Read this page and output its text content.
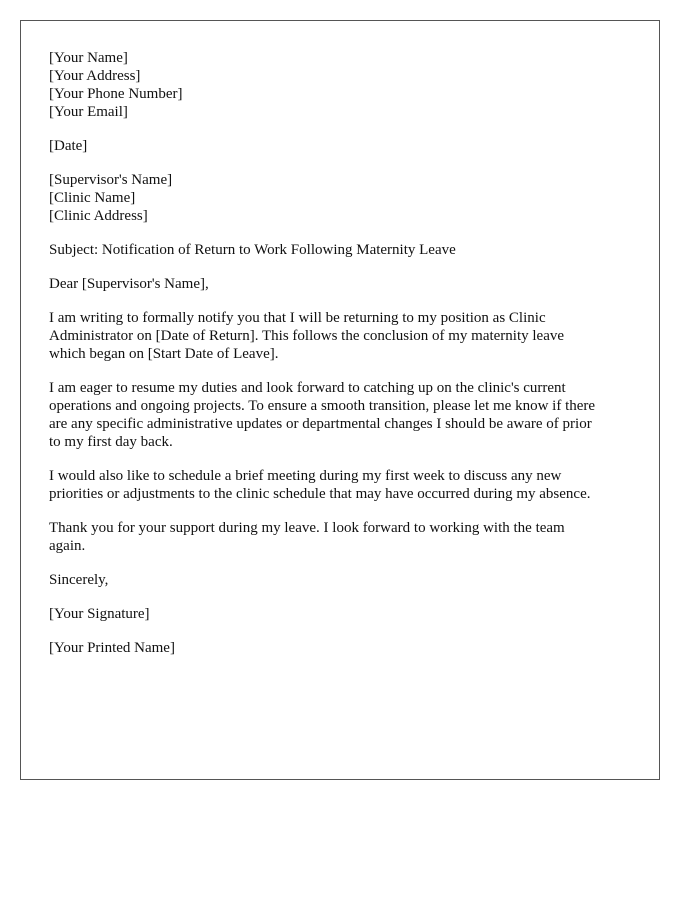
[Your Name]
[Your Address]
[Your Phone Number]
[Your Email]
[Date]
[Supervisor's Name]
[Clinic Name]
[Clinic Address]
Subject: Notification of Return to Work Following Maternity Leave
Dear [Supervisor's Name],
I am writing to formally notify you that I will be returning to my position as Clinic
Administrator on [Date of Return]. This follows the conclusion of my maternity leave
which began on [Start Date of Leave].
I am eager to resume my duties and look forward to catching up on the clinic's current
operations and ongoing projects. To ensure a smooth transition, please let me know if there
are any specific administrative updates or departmental changes I should be aware of prior
to my first day back.
I would also like to schedule a brief meeting during my first week to discuss any new
priorities or adjustments to the clinic schedule that may have occurred during my absence.
Thank you for your support during my leave. I look forward to working with the team
again.
Sincerely,
[Your Signature]
[Your Printed Name]
